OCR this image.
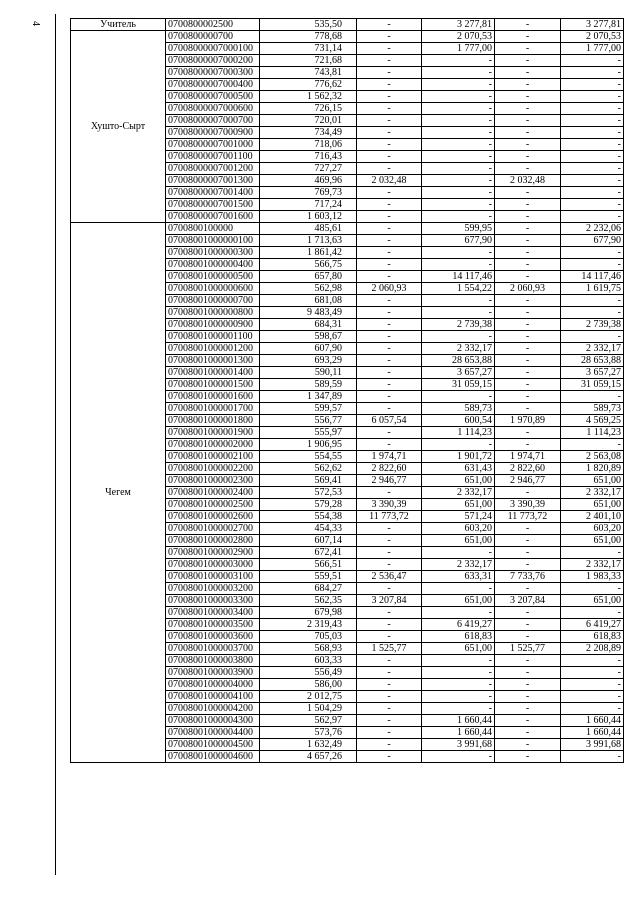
4	Учитель	0700800002500	535,50	-	3 277,81	-	3 277,81
Хушто-Сырт	0700800000700	778,68	-	2 070,53	-	2 070,53
	07008000007000100	731,14	-	1 777,00	-	1 777,00
	07008000007000200	721,68	-	-	-	-
	07008000007000300	743,81	-	-	-	-
	07008000007000400	776,62	-	-	-	-
	07008000007000500	1 562,32	-	-	-	-
	07008000007000600	726,15	-	-	-	-
	07008000007000700	720,01	-	-	-	-
	07008000007000900	734,49	-	-	-	-
	07008000007001000	718,06	-	-	-	-
	07008000007001100	716,43	-	-	-	-
	07008000007001200	727,27	-	-	-	-
	07008000007001300	469,96	2 032,48	-	2 032,48	-
	07008000007001400	769,73	-	-	-	-
	07008000007001500	717,24	-	-	-	-
	07008000007001600	1 603,12	-	-	-	-
Чегем	0700800100000	485,61	-	599,95	-	2 232,06
	07008001000000100	1 713,63	-	677,90	-	677,90
	07008001000000300	1 861,42	-	-	-	-
	07008001000000400	566,75	-	-	-	-
	07008001000000500	657,80	-	14 117,46	-	14 117,46
	07008001000000600	562,98	2 060,93	1 554,22	2 060,93	1 619,75
	07008001000000700	681,08	-	-	-	-
	07008001000000800	9 483,49	-	-	-	-
	07008001000000900	684,31	-	2 739,38	-	2 739,38
	07008001000001100	598,67	-	-	-	-
	07008001000001200	607,90	-	2 332,17	-	2 332,17
	07008001000001300	693,29	-	28 653,88	-	28 653,88
	07008001000001400	590,11	-	3 657,27	-	3 657,27
	07008001000001500	589,59	-	31 059,15	-	31 059,15
	07008001000001600	1 347,89	-	-	-	-
	07008001000001700	599,57	-	589,73	-	589,73
	07008001000001800	556,77	6 057,54	600,54	1 970,89	4 569,25
	07008001000001900	555,97	-	1 114,23	-	1 114,23
	07008001000002000	1 906,95	-	-	-	-
	07008001000002100	554,55	1 974,71	1 901,72	1 974,71	2 563,08
	07008001000002200	562,62	2 822,60	631,43	2 822,60	1 820,89
	07008001000002300	569,41	2 946,77	651,00	2 946,77	651,00
	07008001000002400	572,53	-	2 332,17	-	2 332,17
	07008001000002500	579,28	3 390,39	651,00	3 390,39	651,00
	07008001000002600	554,38	11 773,72	571,24	11 773,72	2 401,10
	07008001000002700	454,33	-	603,20	-	603,20
	07008001000002800	607,14	-	651,00	-	651,00
	07008001000002900	672,41	-	-	-	-
	07008001000003000	566,51	-	2 332,17	-	2 332,17
	07008001000003100	559,51	2 536,47	633,31	7 733,76	1 983,33
	07008001000003200	684,27	-	-	-	-
	07008001000003300	562,35	3 207,84	651,00	3 207,84	651,00
	07008001000003400	679,98	-	-	-	-
	07008001000003500	2 319,43	-	6 419,27	-	6 419,27
	07008001000003600	705,03	-	618,83	-	618,83
	07008001000003700	568,93	1 525,77	651,00	1 525,77	2 208,89
	07008001000003800	603,33	-	-	-	-
	07008001000003900	556,49	-	-	-	-
	07008001000004000	586,00	-	-	-	-
	07008001000004100	2 012,75	-	-	-	-
	07008001000004200	1 504,29	-	-	-	-
	07008001000004300	562,97	-	1 660,44	-	1 660,44
	07008001000004400	573,76	-	1 660,44	-	1 660,44
	07008001000004500	1 632,49	-	3 991,68	-	3 991,68
	07008001000004600	4 657,26	-	-	-	-
